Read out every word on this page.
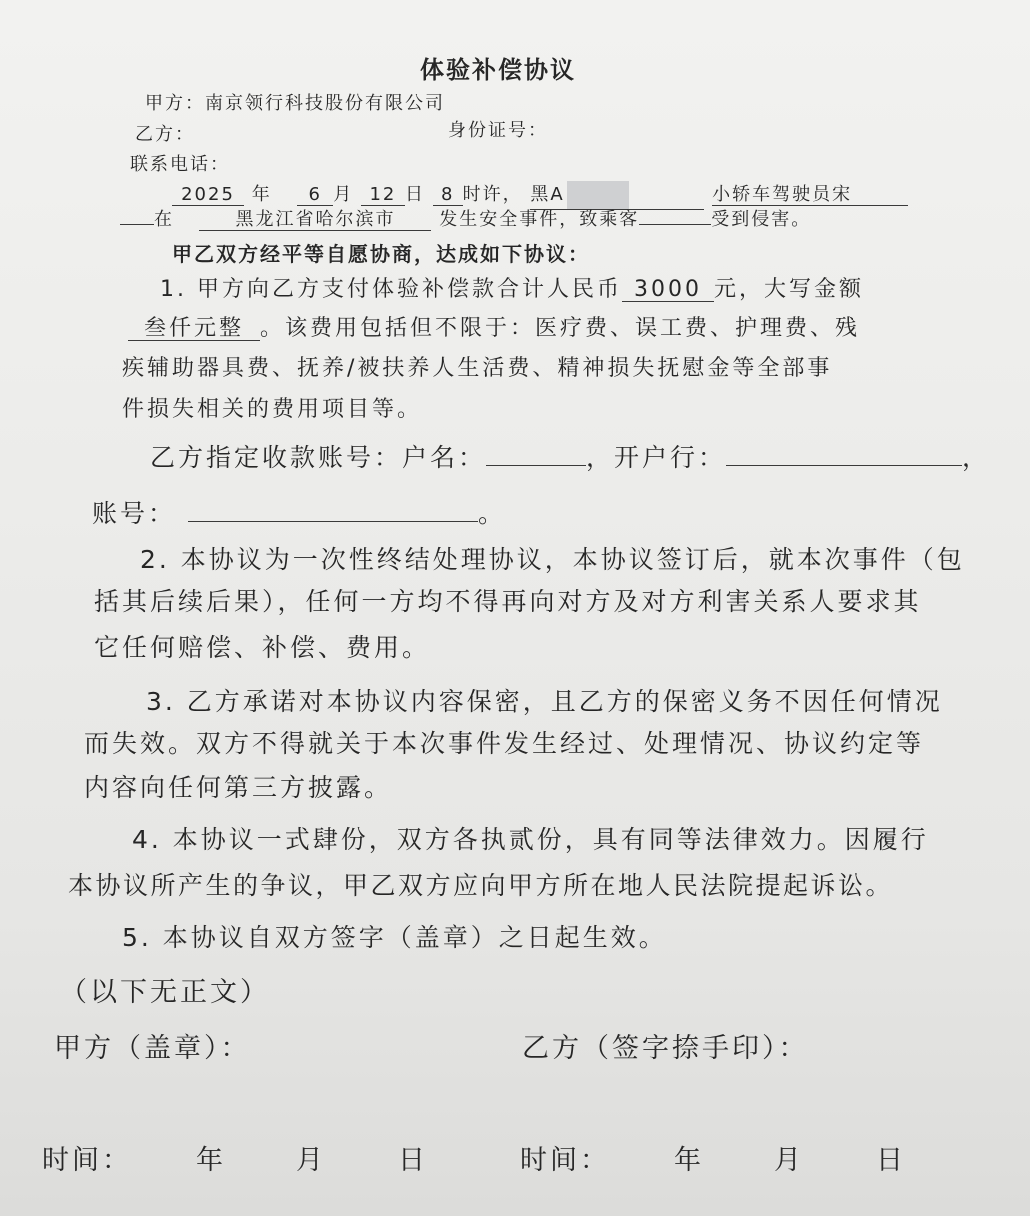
体验补偿协议
甲方：南京领行科技股份有限公司
乙方：	身份证号：
联系电话：
2025 年 6 月 12 日 8 时许， 黑A	小轿车驾驶员宋
在	黑龙江省哈尔滨市 发生安全事件，致乘客	受到侵害。
甲乙双方经平等自愿协商，达成如下协议：
1. 甲方向乙方支付体验补偿款合计人民币 3000 元，大写金额
叁仟元整 。该费用包括但不限于：医疗费、误工费、护理费、残
疾辅助器具费、抚养/被扶养人生活费、精神损失抚慰金等全部事
件损失相关的费用项目等。
乙方指定收款账号：户名：	，开户行：	，
账号：	。
2. 本协议为一次性终结处理协议，本协议签订后，就本次事件（包
括其后续后果），任何一方均不得再向对方及对方利害关系人要求其
它任何赔偿、补偿、费用。
3. 乙方承诺对本协议内容保密，且乙方的保密义务不因任何情况
而失效。双方不得就关于本次事件发生经过、处理情况、协议约定等
内容向任何第三方披露。
4. 本协议一式肆份，双方各执贰份，具有同等法律效力。因履行
本协议所产生的争议，甲乙双方应向甲方所在地人民法院提起诉讼。
5. 本协议自双方签字（盖章）之日起生效。
（以下无正文）
甲方（盖章）：	乙方（签字捺手印）：
时间： 年	月	日	时间： 年	月	日
